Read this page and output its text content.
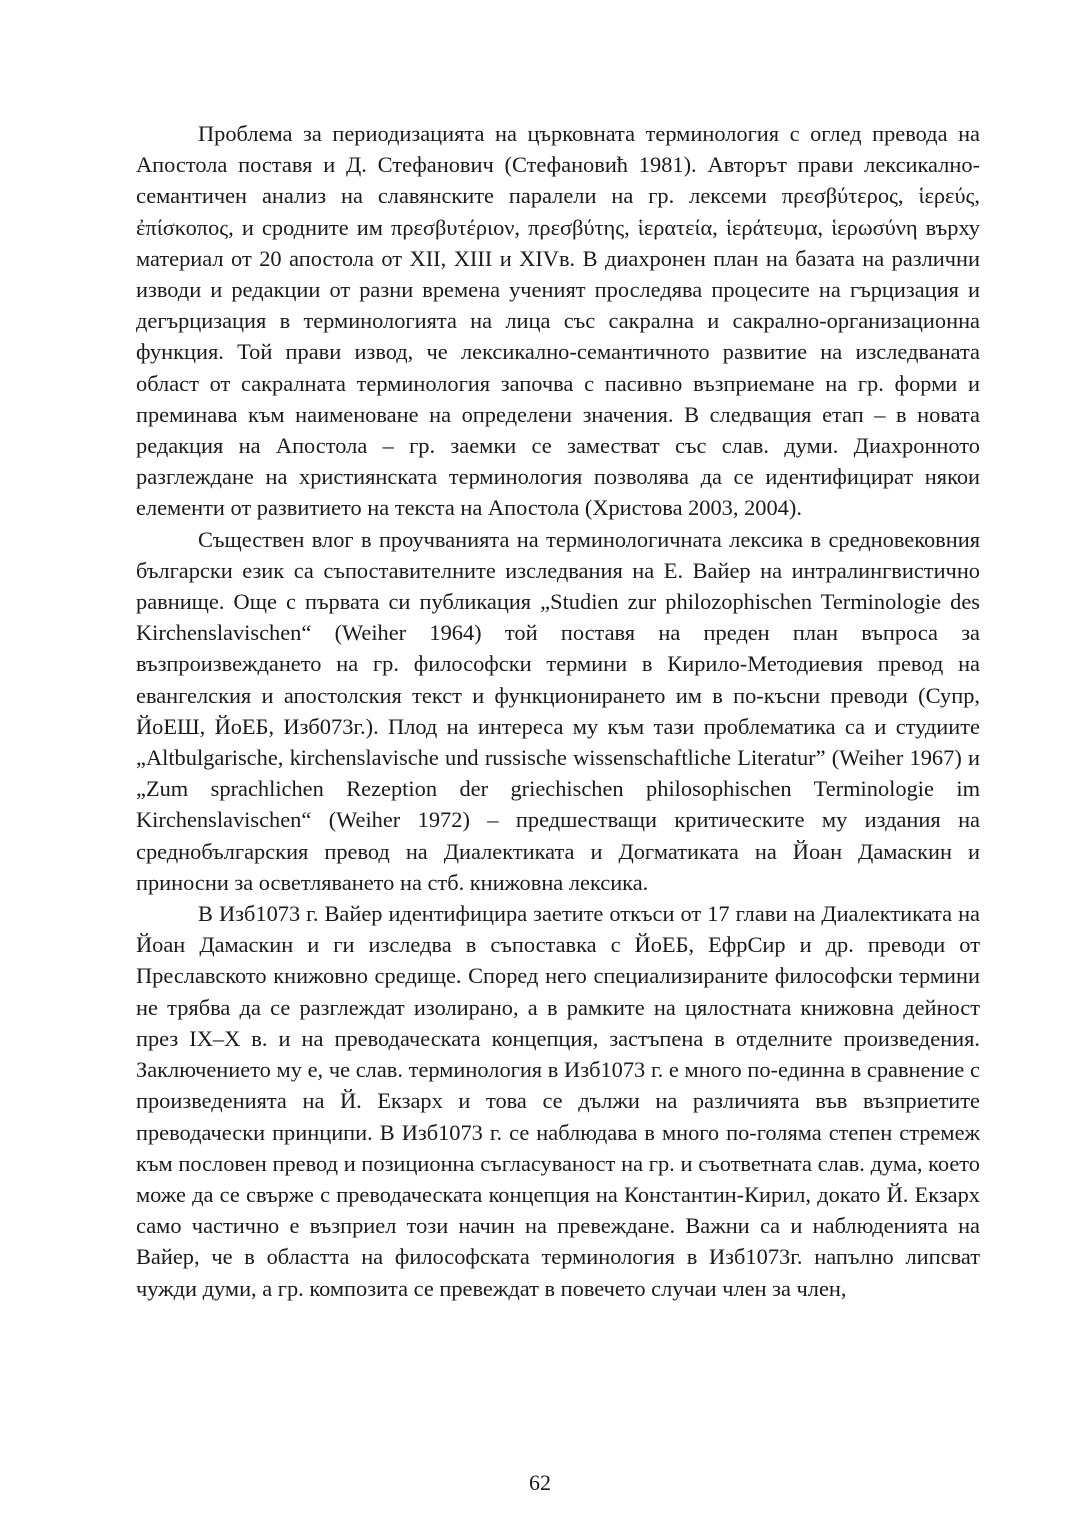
Проблема за периодизацията на църковната терминология с оглед превода на Апостола поставя и Д. Стефанович (Стефановић 1981). Авторът прави лексикално-семантичен анализ на славянските паралели на гр. лексеми πρεσβύτερος, ἱερεύς, ἐπίσκοπος, и сродните им πρεσβυτέριον, πρεσβύτης, ἱερατεία, ἱεράτευμα, ἱερωσύνη върху материал от 20 апостола от XII, XIII и XIVв. В диахронен план на базата на различни изводи и редакции от разни времена ученият проследява процесите на гърцизация и дегърцизация в терминологията на лица със сакрална и сакрално-организационна функция. Той прави извод, че лексикално-семантичното развитие на изследваната област от сакралната терминология започва с пасивно възприемане на гр. форми и преминава към наименоване на определени значения. В следващия етап – в новата редакция на Апостола – гр. заемки се заместват със слав. думи. Диахронното разглеждане на християнската терминология позволява да се идентифицират някои елементи от развитието на текста на Апостола (Христова 2003, 2004).

Съществен влог в проучванията на терминологичната лексика в средновековния български език са съпоставителните изследвания на Е. Вайер на интралингвистично равнище. Още с първата си публикация „Studien zur philozophischen Terminologie des Kirchenslavischen“ (Weiher 1964) той поставя на преден план въпроса за възпроизвеждането на гр. философски термини в Кирило-Методиевия превод на евангелския и апостолския текст и функционирането им в по-късни преводи (Супр, ЙоЕШ, ЙоЕБ, Изб073г.). Плод на интереса му към тази проблематика са и студиите „Altbulgarische, kirchenslavische und russische wissenschaftliche Literatur” (Weiher 1967) и „Zum sprachlichen Rezeption der griechischen philosophischen Terminologie im Kirchenslavischen“ (Weiher 1972) – предшестващи критическите му издания на среднобългарския превод на Диалектиката и Догматиката на Йоан Дамаскин и приносни за осветляването на стб. книжовна лексика.

В Изб1073 г. Вайер идентифицира заетите откъси от 17 глави на Диалектиката на Йоан Дамаскин и ги изследва в съпоставка с ЙоЕБ, ЕфрСир и др. преводи от Преславското книжовно средище. Според него специализираните философски термини не трябва да се разглеждат изолирано, а в рамките на цялостната книжовна дейност през IX–X в. и на преводаческата концепция, застъпена в отделните произведения. Заключението му е, че слав. терминология в Изб1073 г. е много по-единна в сравнение с произведенията на Й. Екзарх и това се дължи на различията във възприетите преводачески принципи. В Изб1073 г. се наблюдава в много по-голяма степен стремеж към пословен превод и позиционна съгласуваност на гр. и съответната слав. дума, което може да се свърже с преводаческата концепция на Константин-Кирил, докато Й. Екзарх само частично е възприел този начин на превеждане. Важни са и наблюденията на Вайер, че в областта на философската терминология в Изб1073г. напълно липсват чужди думи, а гр. композита се превеждат в повечето случаи член за член,

62
